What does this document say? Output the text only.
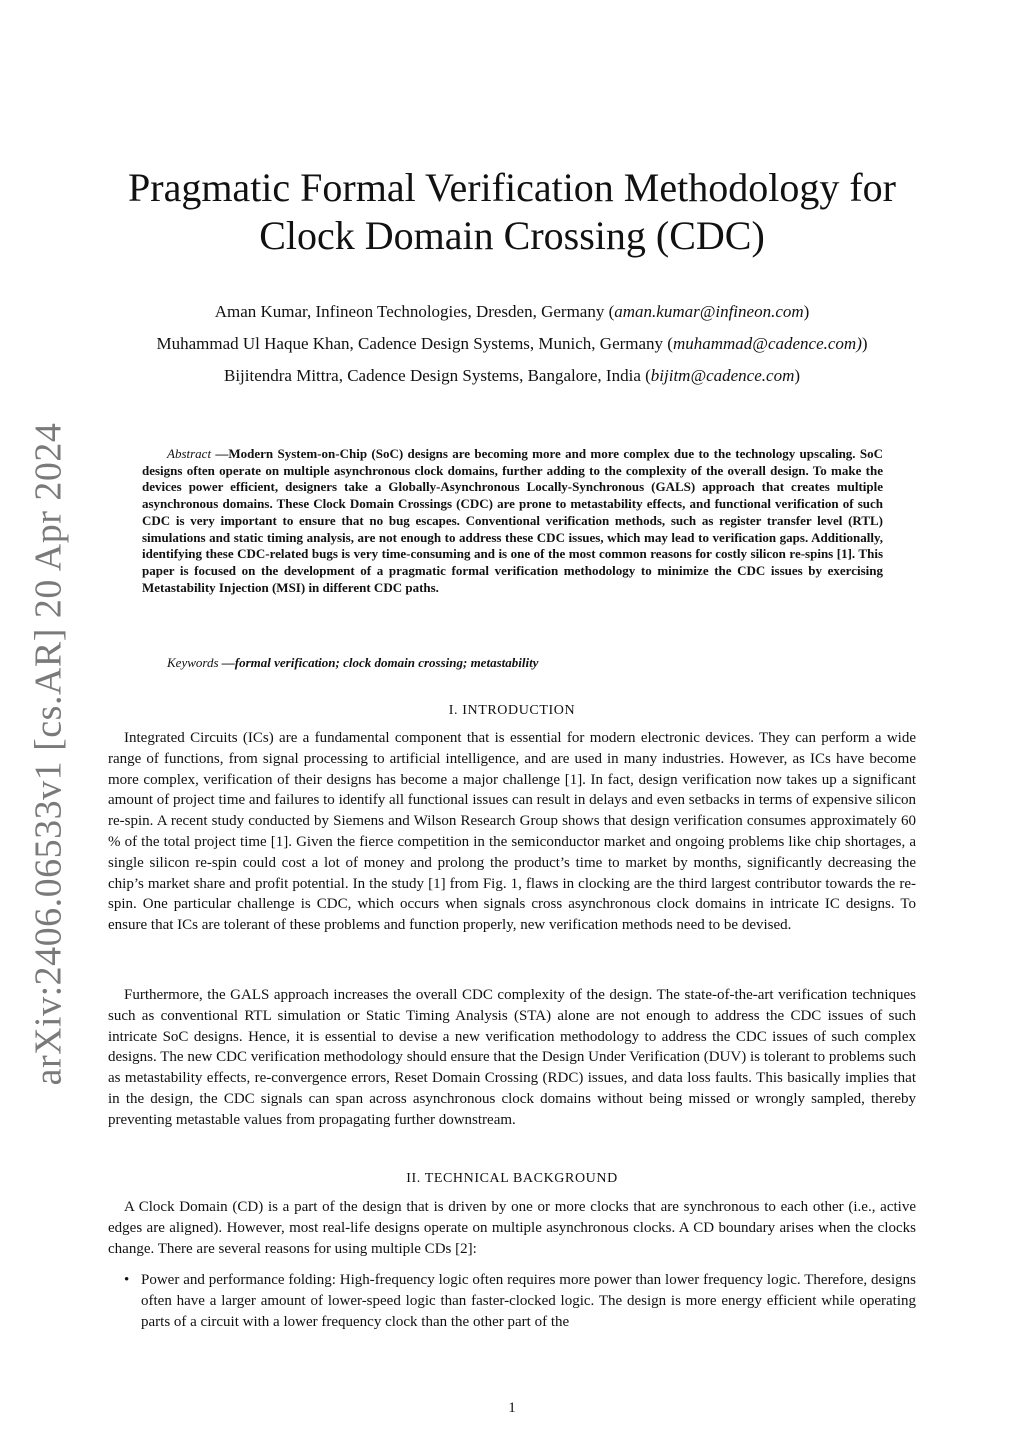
arXiv:2406.06533v1 [cs.AR] 20 Apr 2024
Pragmatic Formal Verification Methodology for
Clock Domain Crossing (CDC)

Aman Kumar, Infineon Technologies, Dresden, Germany (aman.kumar@infineon.com)

Muhammad Ul Haque Khan, Cadence Design Systems, Munich, Germany (muhammad@cadence.com))

Bijitendra Mittra, Cadence Design Systems, Bangalore, India (bijitm@cadence.com)

Abstract —Modern System-on-Chip (SoC) designs are becoming more and more complex due to the technology upscaling. SoC designs often operate on multiple asynchronous clock domains, further adding to the complexity of the overall design. To make the devices power efficient, designers take a Globally-Asynchronous Locally-Synchronous (GALS) approach that creates multiple asynchronous domains. These Clock Domain Crossings (CDC) are prone to metastability effects, and functional verification of such CDC is very important to ensure that no bug escapes. Conventional verification methods, such as register transfer level (RTL) simulations and static timing analysis, are not enough to address these CDC issues, which may lead to verification gaps. Additionally, identifying these CDC-related bugs is very time-consuming and is one of the most common reasons for costly silicon re-spins [1]. This paper is focused on the development of a pragmatic formal verification methodology to minimize the CDC issues by exercising Metastability Injection (MSI) in different CDC paths.

Keywords —formal verification; clock domain crossing; metastability

I. INTRODUCTION

Integrated Circuits (ICs) are a fundamental component that is essential for modern electronic devices. They can perform a wide range of functions, from signal processing to artificial intelligence, and are used in many industries. However, as ICs have become more complex, verification of their designs has become a major challenge [1]. In fact, design verification now takes up a significant amount of project time and failures to identify all functional issues can result in delays and even setbacks in terms of expensive silicon re-spin. A recent study conducted by Siemens and Wilson Research Group shows that design verification consumes approximately 60 % of the total project time [1]. Given the fierce competition in the semiconductor market and ongoing problems like chip shortages, a single silicon re-spin could cost a lot of money and prolong the product’s time to market by months, significantly decreasing the chip’s market share and profit potential. In the study [1] from Fig. 1, flaws in clocking are the third largest contributor towards the re-spin. One particular challenge is CDC, which occurs when signals cross asynchronous clock domains in intricate IC designs. To ensure that ICs are tolerant of these problems and function properly, new verification methods need to be devised.

Furthermore, the GALS approach increases the overall CDC complexity of the design. The state-of-the-art verification techniques such as conventional RTL simulation or Static Timing Analysis (STA) alone are not enough to address the CDC issues of such intricate SoC designs. Hence, it is essential to devise a new verification methodology to address the CDC issues of such complex designs. The new CDC verification methodology should ensure that the Design Under Verification (DUV) is tolerant to problems such as metastability effects, re-convergence errors, Reset Domain Crossing (RDC) issues, and data loss faults. This basically implies that in the design, the CDC signals can span across asynchronous clock domains without being missed or wrongly sampled, thereby preventing metastable values from propagating further downstream.

II. TECHNICAL BACKGROUND

A Clock Domain (CD) is a part of the design that is driven by one or more clocks that are synchronous to each other (i.e., active edges are aligned). However, most real-life designs operate on multiple asynchronous clocks. A CD boundary arises when the clocks change. There are several reasons for using multiple CDs [2]:

• Power and performance folding: High-frequency logic often requires more power than lower frequency logic. Therefore, designs often have a larger amount of lower-speed logic than faster-clocked logic. The design is more energy efficient while operating parts of a circuit with a lower frequency clock than the other part of the

1
